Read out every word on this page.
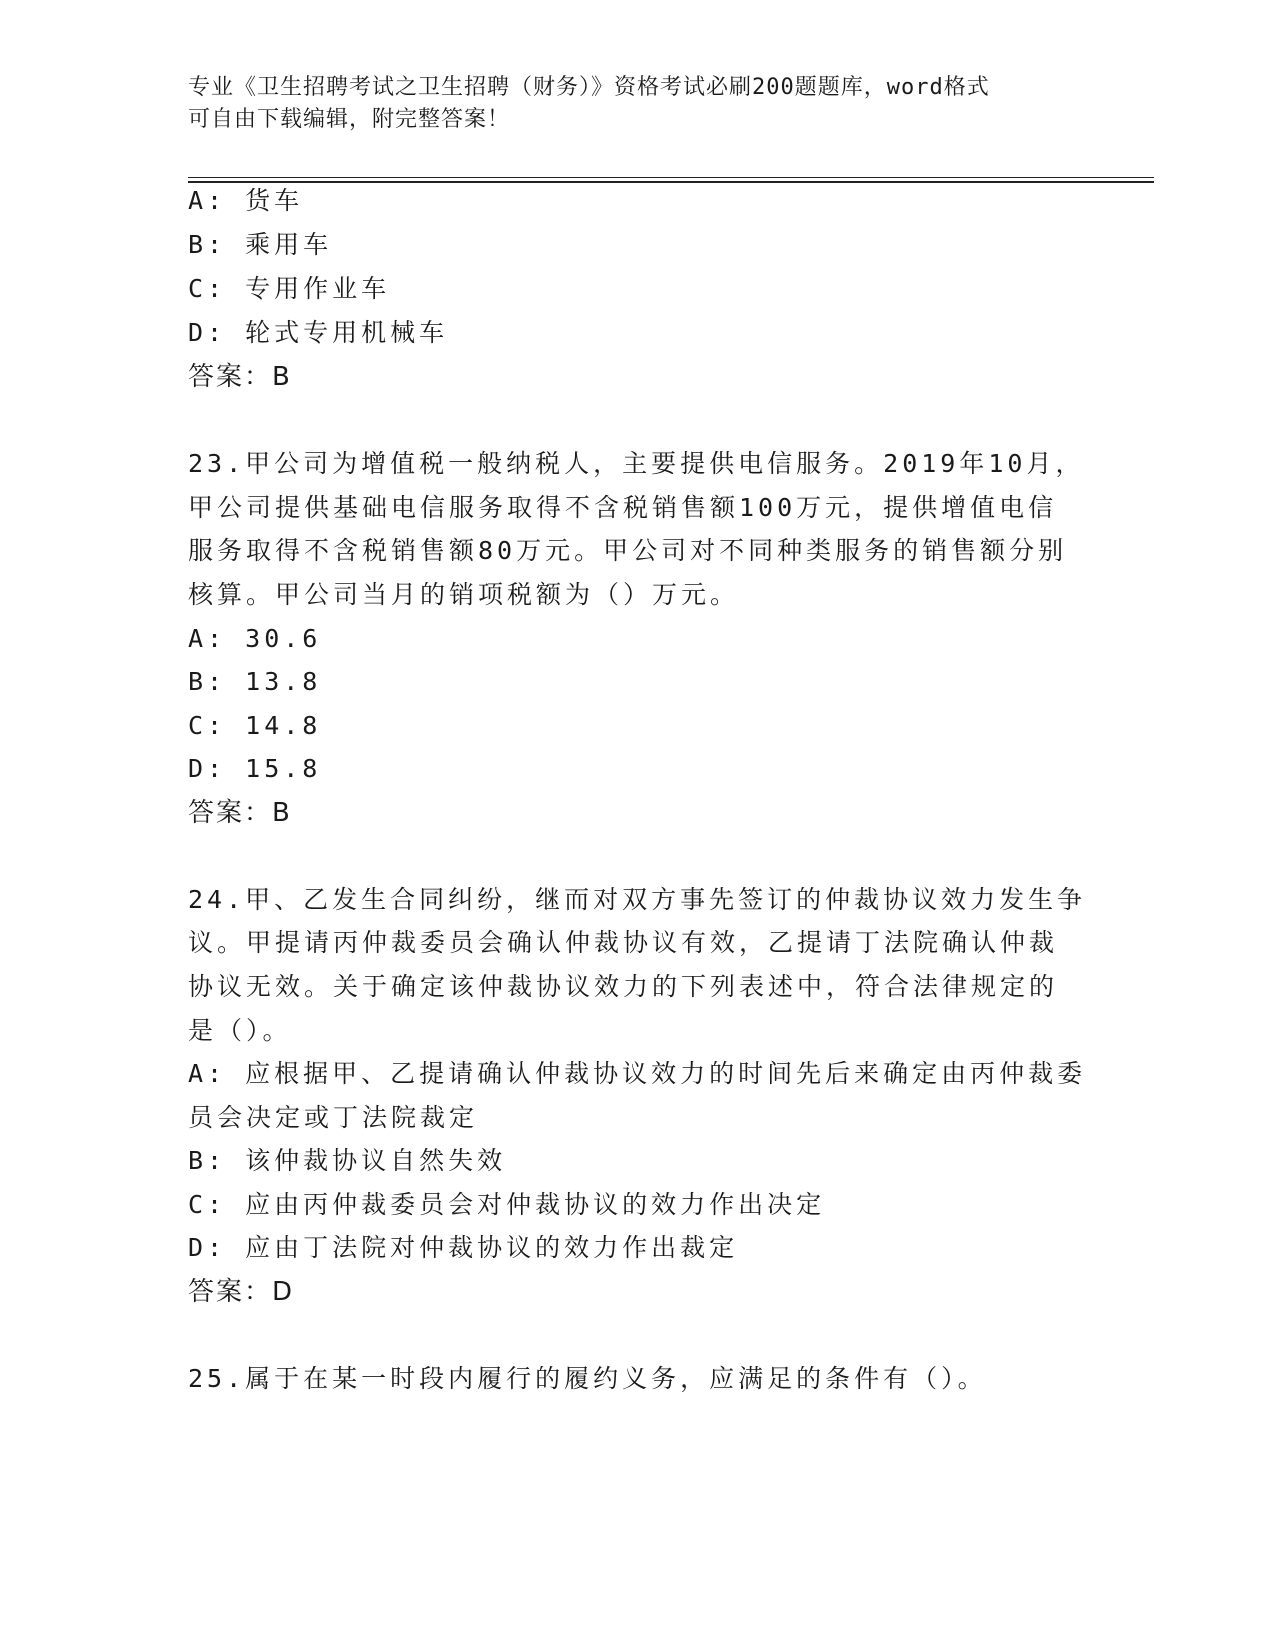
专业《卫生招聘考试之卫生招聘（财务）》资格考试必刷200题题库，word格式
可自由下载编辑，附完整答案！
A: 货车
B: 乘用车
C: 专用作业车
D: 轮式专用机械车
答案：B
23.甲公司为增值税一般纳税人，主要提供电信服务。2019年10月，
甲公司提供基础电信服务取得不含税销售额100万元，提供增值电信
服务取得不含税销售额80万元。甲公司对不同种类服务的销售额分别
核算。甲公司当月的销项税额为（）万元。
A: 30.6
B: 13.8
C: 14.8
D: 15.8
答案：B
24.甲、乙发生合同纠纷，继而对双方事先签订的仲裁协议效力发生争
议。甲提请丙仲裁委员会确认仲裁协议有效，乙提请丁法院确认仲裁
协议无效。关于确定该仲裁协议效力的下列表述中，符合法律规定的
是（）。
A: 应根据甲、乙提请确认仲裁协议效力的时间先后来确定由丙仲裁委
员会决定或丁法院裁定
B: 该仲裁协议自然失效
C: 应由丙仲裁委员会对仲裁协议的效力作出决定
D: 应由丁法院对仲裁协议的效力作出裁定
答案：D
25.属于在某一时段内履行的履约义务，应满足的条件有（）。
